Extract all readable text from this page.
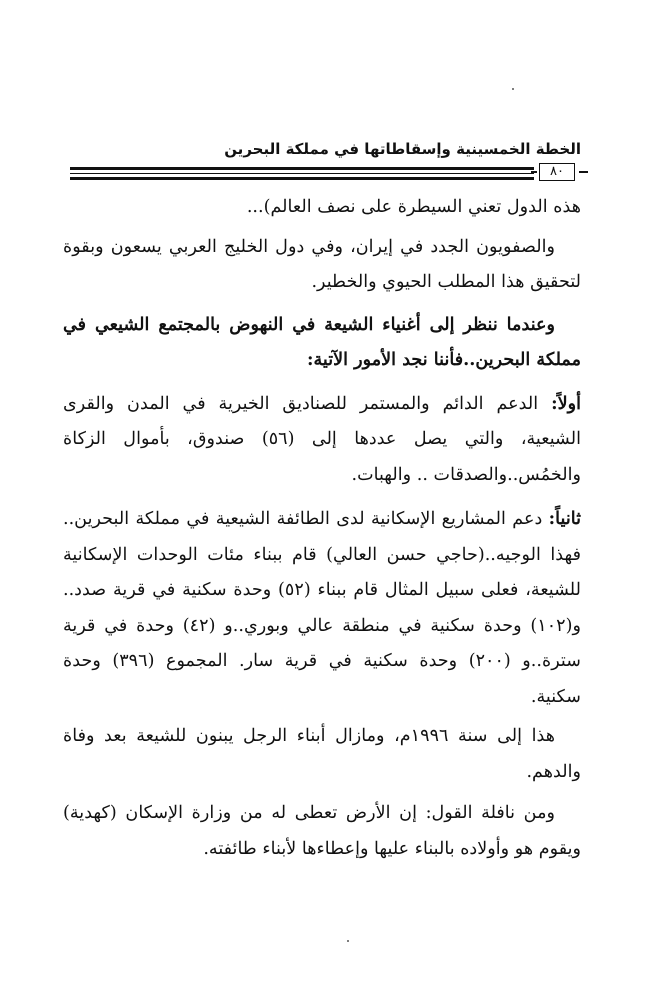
الخطة الخمسينية وإسقاطاتها في مملكة البحرين
٨٠

هذه الدول تعني السيطرة على نصف العالم)...

والصفويون الجدد في إيران، وفي دول الخليج العربي يسعون وبقوة لتحقيق هذا المطلب الحيوي والخطير.

وعندما ننظر إلى أغنياء الشيعة في النهوض بالمجتمع الشيعي في مملكة البحرين..فأننا نجد الأمور الآتية:

أولاً: الدعم الدائم والمستمر للصناديق الخيرية في المدن والقرى الشيعية، والتي يصل عددها إلى (٥٦) صندوق، بأموال الزكاة والخمُس..والصدقات .. والهبات.

ثانياً: دعم المشاريع الإسكانية لدى الطائفة الشيعية في مملكة البحرين.. فهذا الوجيه..(حاجي حسن العالي) قام ببناء مئات الوحدات الإسكانية للشيعة، فعلى سبيل المثال قام ببناء (٥٢) وحدة سكنية في قرية صدد.. و(١٠٢) وحدة سكنية في منطقة عالي وبوري..و (٤٢) وحدة في قرية سترة..و (٢٠٠) وحدة سكنية في قرية سار. المجموع (٣٩٦) وحدة سكنية.

هذا إلى سنة ١٩٩٦م، ومازال أبناء الرجل يبنون للشيعة بعد وفاة والدهم.

ومن نافلة القول: إن الأرض تعطى له من وزارة الإسكان (كهدية) ويقوم هو وأولاده بالبناء عليها وإعطاءها لأبناء طائفته.
